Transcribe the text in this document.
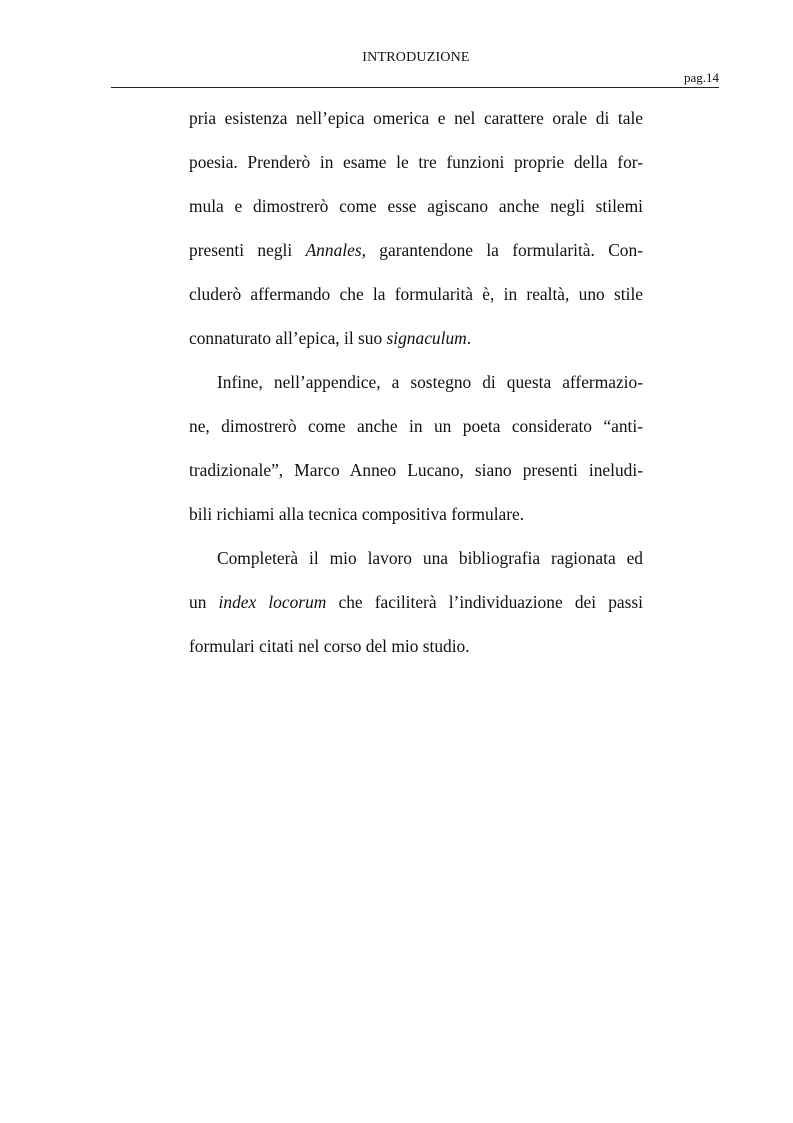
INTRODUZIONE
pag.14
pria esistenza nell’epica omerica e nel carattere orale di tale
poesia. Prenderò in esame le tre funzioni proprie della for-
mula e dimostrerò come esse agiscano anche negli stilemi
presenti negli Annales, garantendone la formularità. Con-
cluderò affermando che la formularità è, in realtà, uno stile
connaturato all’epica, il suo signaculum.
Infine, nell’appendice, a sostegno di questa affermazio-
ne, dimostrerò come anche in un poeta considerato “anti-
tradizionale”, Marco Anneo Lucano, siano presenti ineludi-
bili richiami alla tecnica compositiva formulare.
Completerà il mio lavoro una bibliografia ragionata ed
un index locorum che faciliterà l’individuazione dei passi
formulari citati nel corso del mio studio.
